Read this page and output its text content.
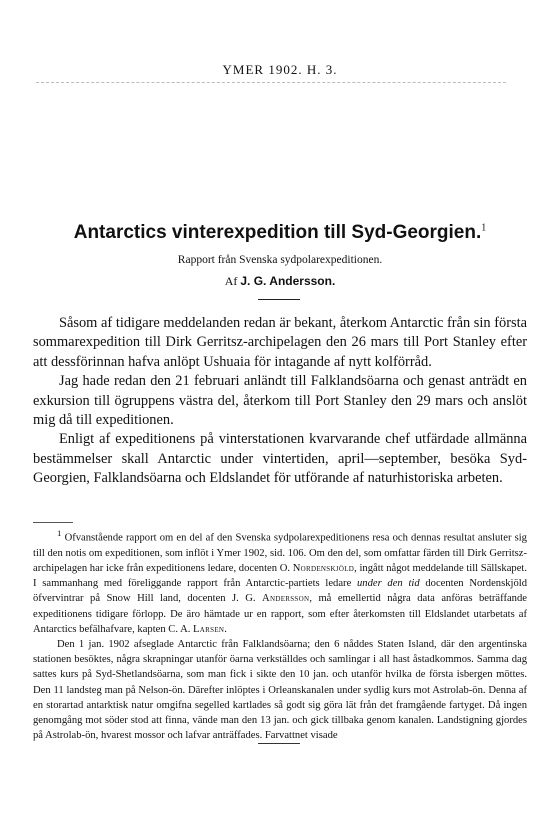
YMER 1902. H. 3.
Antarctics vinterexpedition till Syd-Georgien.$^1$
Rapport från Svenska sydpolarexpeditionen.
Af J. G. Andersson.

Såsom af tidigare meddelanden redan är bekant, återkom Antarctic från sin första sommarexpedition till Dirk Gerritsz-archipelagen den 26 mars till Port Stanley efter att dessförinnan hafva anlöpt Ushuaia för intagande af nytt kolförråd.

Jag hade redan den 21 februari anländt till Falklandsöarna och genast anträdt en exkursion till ögruppens västra del, återkom till Port Stanley den 29 mars och anslöt mig då till expeditionen.

Enligt af expeditionens på vinterstationen kvarvarande chef utfärdade allmänna bestämmelser skall Antarctic under vintertiden, april—september, besöka Syd-Georgien, Falklandsöarna och Eldslandet för utförande af naturhistoriska arbeten.

$^1$ Ofvanstående rapport om en del af den Svenska sydpolarexpeditionens resa och dennas resultat ansluter sig till den notis om expeditionen, som inflöt i Ymer 1902, sid. 106. Om den del, som omfattar färden till Dirk Gerritsz-archipelagen har icke från expeditionens ledare, docenten O. Nordenskjöld, ingått något meddelande till Sällskapet. I sammanhang med föreliggande rapport från Antarctic-partiets ledare under den tid docenten Nordenskjöld öfvervintrar på Snow Hill land, docenten J. G. Andersson, må emellertid några data anföras beträffande expeditionens tidigare förlopp. De äro hämtade ur en rapport, som efter återkomsten till Eldslandet utarbetats af Antarctics befälhafvare, kapten C. A. Larsen.

Den 1 jan. 1902 afseglade Antarctic från Falklandsöarna; den 6 nåddes Staten Island, där den argentinska stationen besöktes, några skrapningar utanför öarna verkställdes och samlingar i all hast åstadkommos. Samma dag sattes kurs på Syd-Shetlandsöarna, som man fick i sikte den 10 jan. och utanför hvilka de första isbergen möttes. Den 11 landsteg man på Nelson-ön. Därefter inlöptes i Orleanskanalen under sydlig kurs mot Astrolab-ön. Denna af en storartad antarktisk natur omgifna segelled kartlades så godt sig göra lät från det framgående fartyget. Då ingen genomgång mot söder stod att finna, vände man den 13 jan. och gick tillbaka genom kanalen. Landstigning gjordes på Astrolab-ön, hvarest mossor och lafvar anträffades. Farvattnet visade
